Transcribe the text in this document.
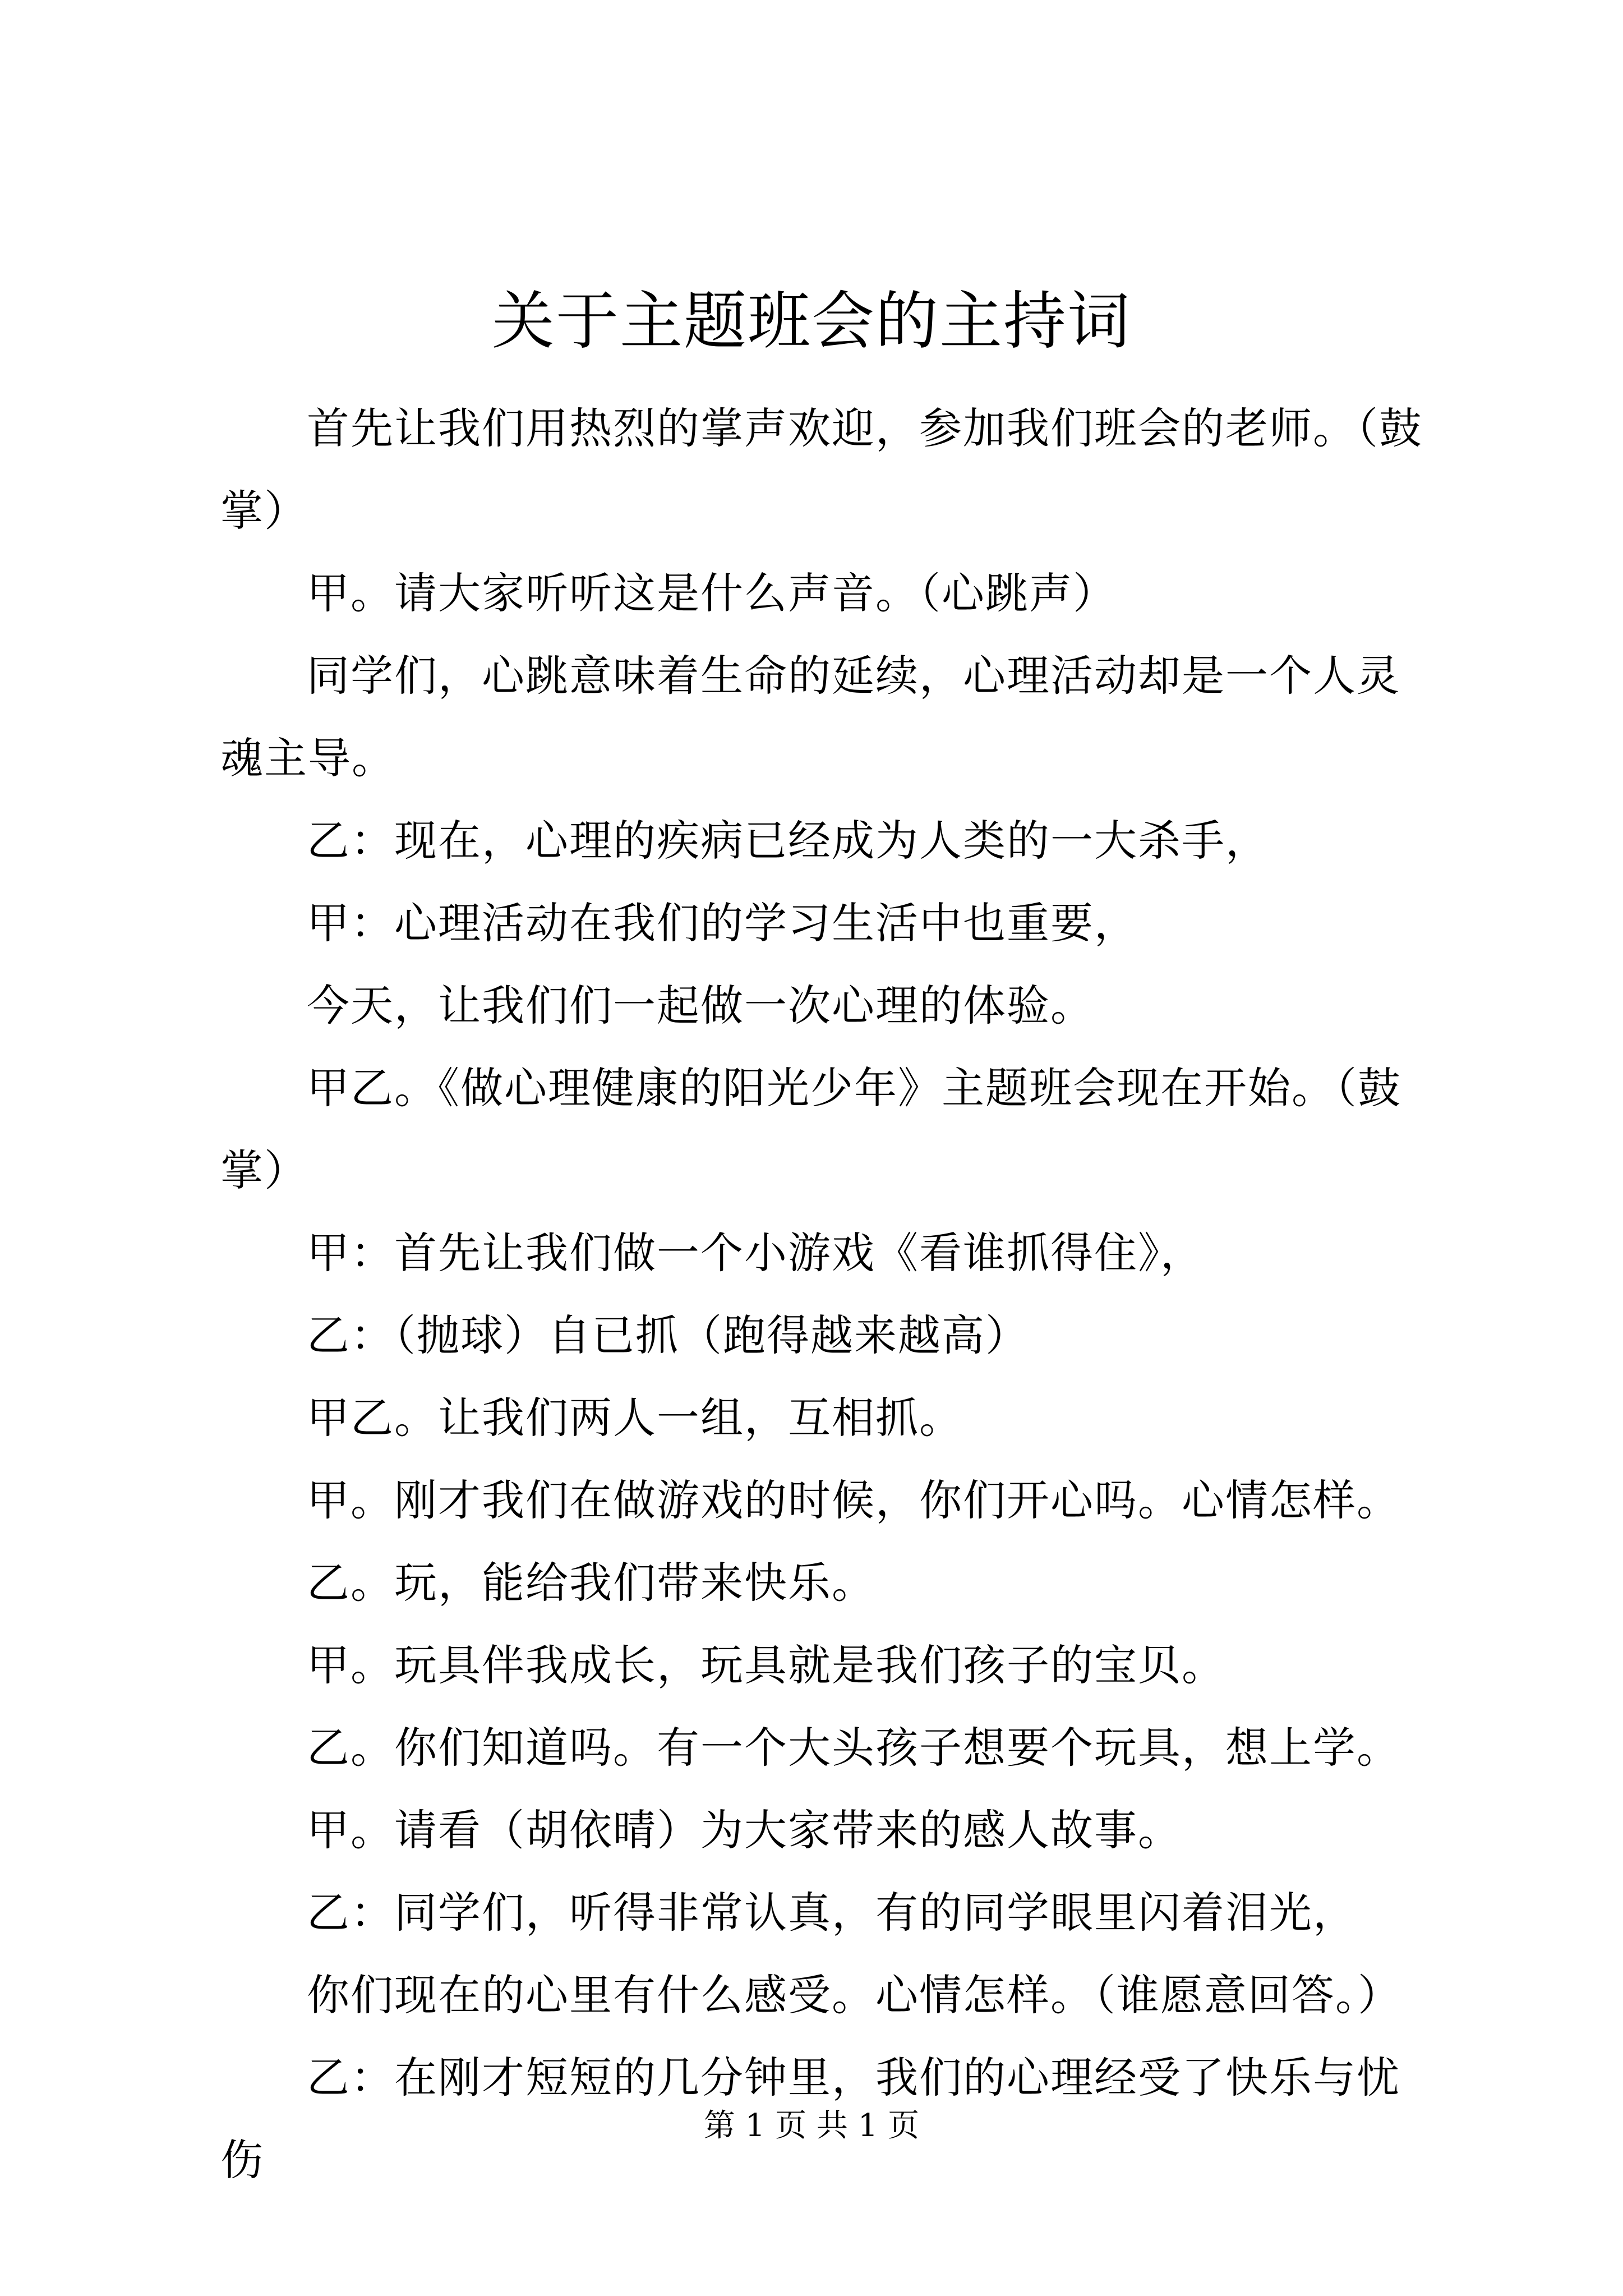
关于主题班会的主持词

首先让我们用热烈的掌声欢迎，参加我们班会的老师。（鼓掌）

甲。请大家听听这是什么声音。（心跳声）

同学们，心跳意味着生命的延续，心理活动却是一个人灵魂主导。

乙：现在，心理的疾病已经成为人类的一大杀手，

甲：心理活动在我们的学习生活中也重要，

今天，让我们们一起做一次心理的体验。

甲乙。《做心理健康的阳光少年》主题班会现在开始。（鼓掌）

甲：首先让我们做一个小游戏《看谁抓得住》，

乙：（抛球）自已抓（跑得越来越高）

甲乙。让我们两人一组，互相抓。

甲。刚才我们在做游戏的时候，你们开心吗。心情怎样。

乙。玩，能给我们带来快乐。

甲。玩具伴我成长，玩具就是我们孩子的宝贝。

乙。你们知道吗。有一个大头孩子想要个玩具，想上学。

甲。请看（胡依晴）为大家带来的感人故事。

乙：同学们，听得非常认真，有的同学眼里闪着泪光，

你们现在的心里有什么感受。心情怎样。（谁愿意回答。）

乙：在刚才短短的几分钟里，我们的心理经受了快乐与忧伤

第 1 页 共 1 页
